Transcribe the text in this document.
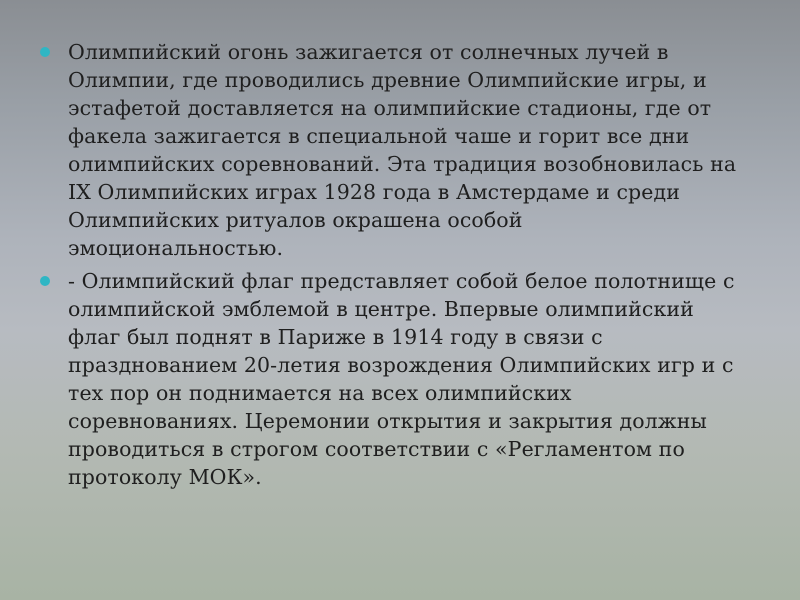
Олимпийский огонь зажигается от солнечных лучей в Олимпии, где проводились древние Олимпийские игры, и эстафетой доставляется на олимпийские стадионы, где от факела зажигается в специальной чаше и горит все дни олимпийских соревнований. Эта традиция возобновилась на IX Олимпийских играх 1928 года в Амстердаме и среди Олимпийских ритуалов окрашена особой эмоциональностью.
- Олимпийский флаг представляет собой белое полотнище с олимпийской эмблемой в центре. Впервые олимпийский флаг был поднят в Париже в 1914 году в связи с празднованием 20-летия возрождения Олимпийских игр и с тех пор он поднимается на всех олимпийских соревнованиях. Церемонии открытия и закрытия должны проводиться в строгом соответствии с «Регламентом по протоколу МОК».
